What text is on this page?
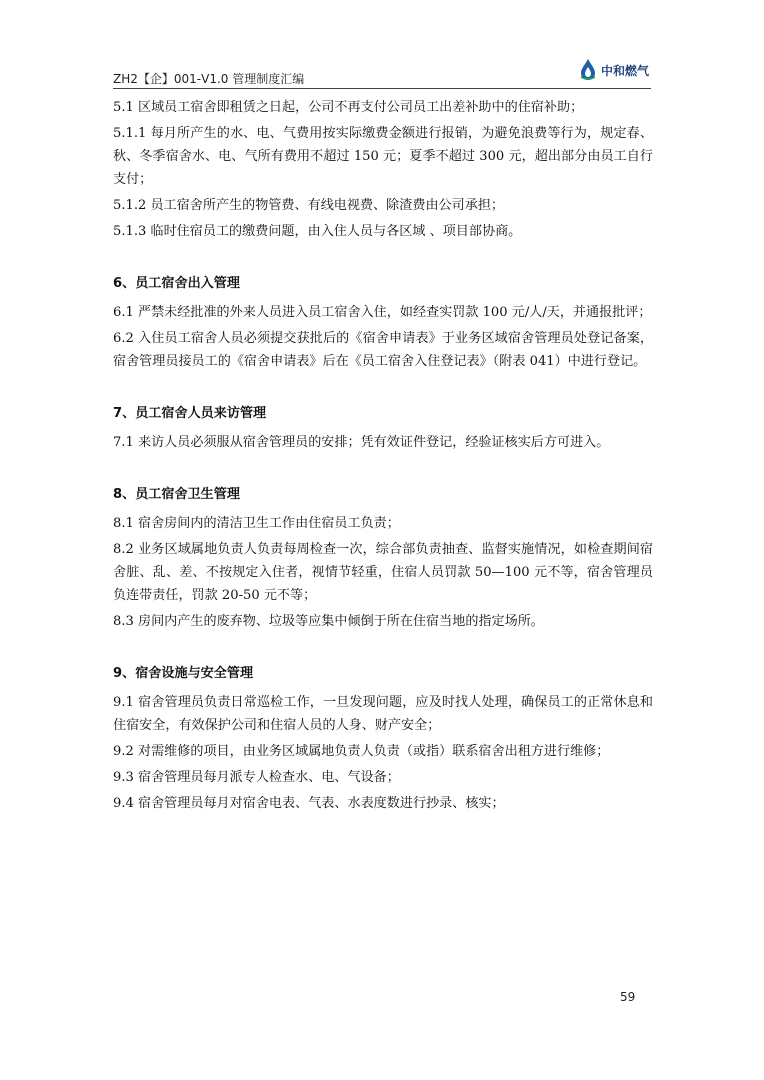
ZH2【企】001-V1.0 管理制度汇编
中和燃气

5.1 区域员工宿舍即租赁之日起，公司不再支付公司员工出差补助中的住宿补助；

5.1.1 每月所产生的水、电、气费用按实际缴费金额进行报销，为避免浪费等行为，规定春、秋、冬季宿舍水、电、气所有费用不超过 150 元；夏季不超过 300 元，超出部分由员工自行支付；

5.1.2 员工宿舍所产生的物管费、有线电视费、除渣费由公司承担；

5.1.3 临时住宿员工的缴费问题，由入住人员与各区域 、项目部协商。

6、员工宿舍出入管理

6.1 严禁未经批准的外来人员进入员工宿舍入住，如经查实罚款 100 元/人/天，并通报批评；

6.2 入住员工宿舍人员必须提交获批后的《宿舍申请表》于业务区域宿舍管理员处登记备案，宿舍管理员接员工的《宿舍申请表》后在《员工宿舍入住登记表》（附表 041）中进行登记。

7、员工宿舍人员来访管理

7.1 来访人员必须服从宿舍管理员的安排；凭有效证件登记，经验证核实后方可进入。

8、员工宿舍卫生管理

8.1 宿舍房间内的清洁卫生工作由住宿员工负责；

8.2 业务区域属地负责人负责每周检查一次，综合部负责抽查、监督实施情况，如检查期间宿舍脏、乱、差、不按规定入住者，视情节轻重，住宿人员罚款 50—100 元不等，宿舍管理员负连带责任，罚款 20-50 元不等；

8.3 房间内产生的废弃物、垃圾等应集中倾倒于所在住宿当地的指定场所。

9、宿舍设施与安全管理

9.1 宿舍管理员负责日常巡检工作，一旦发现问题，应及时找人处理，确保员工的正常休息和住宿安全，有效保护公司和住宿人员的人身、财产安全；

9.2 对需维修的项目，由业务区域属地负责人负责（或指）联系宿舍出租方进行维修；

9.3 宿舍管理员每月派专人检查水、电、气设备；

9.4 宿舍管理员每月对宿舍电表、气表、水表度数进行抄录、核实；

59
